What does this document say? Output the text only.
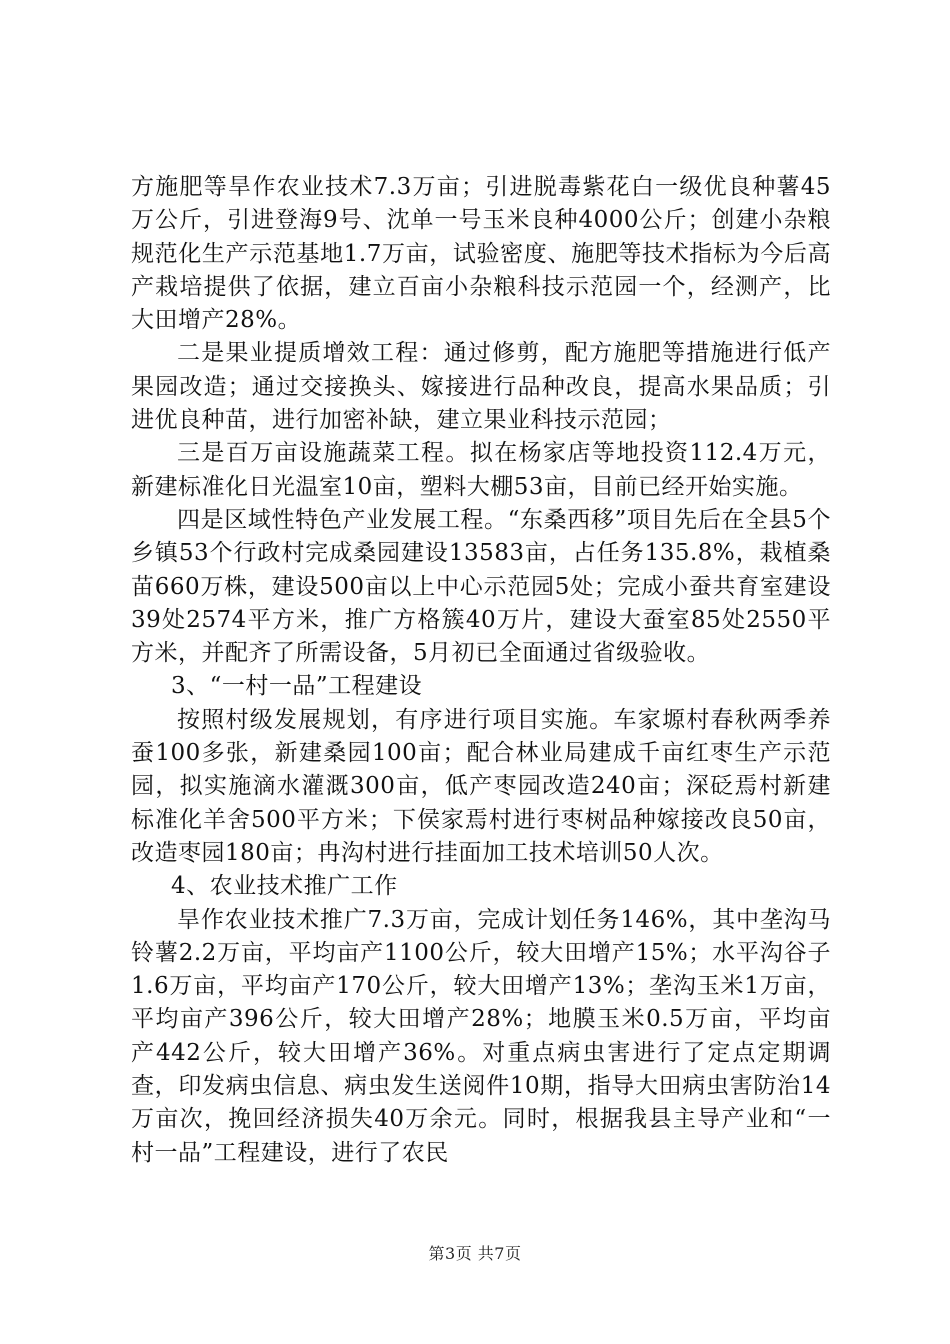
方施肥等旱作农业技术7.3万亩；引进脱毒紫花白一级优良种薯45万公斤，引进登海9号、沈单一号玉米良种4000公斤；创建小杂粮规范化生产示范基地1.7万亩，试验密度、施肥等技术指标为今后高产栽培提供了依据，建立百亩小杂粮科技示范园一个，经测产，比大田增产28%。

二是果业提质增效工程：通过修剪，配方施肥等措施进行低产果园改造；通过交接换头、嫁接进行品种改良，提高水果品质；引进优良种苗，进行加密补缺，建立果业科技示范园；

三是百万亩设施蔬菜工程。拟在杨家店等地投资112.4万元，新建标准化日光温室10亩，塑料大棚53亩，目前已经开始实施。

四是区域性特色产业发展工程。“东桑西移”项目先后在全县5个乡镇53个行政村完成桑园建设13583亩，占任务135.8%，栽植桑苗660万株，建设500亩以上中心示范园5处；完成小蚕共育室建设39处2574平方米，推广方格簇40万片，建设大蚕室85处2550平方米，并配齐了所需设备，5月初已全面通过省级验收。

3、“一村一品”工程建设

按照村级发展规划，有序进行项目实施。车家塬村春秋两季养蚕100多张，新建桑园100亩；配合林业局建成千亩红枣生产示范园，拟实施滴水灌溉300亩，低产枣园改造240亩；深砭焉村新建标准化羊舍500平方米；下侯家焉村进行枣树品种嫁接改良50亩，改造枣园180亩；冉沟村进行挂面加工技术培训50人次。

4、农业技术推广工作

旱作农业技术推广7.3万亩，完成计划任务146%，其中垄沟马铃薯2.2万亩，平均亩产1100公斤，较大田增产15%；水平沟谷子1.6万亩，平均亩产170公斤，较大田增产13%；垄沟玉米1万亩，平均亩产396公斤，较大田增产28%；地膜玉米0.5万亩，平均亩产442公斤，较大田增产36%。对重点病虫害进行了定点定期调查，印发病虫信息、病虫发生送阅件10期，指导大田病虫害防治14万亩次，挽回经济损失40万余元。同时，根据我县主导产业和“一村一品”工程建设，进行了农民

第3页 共7页
